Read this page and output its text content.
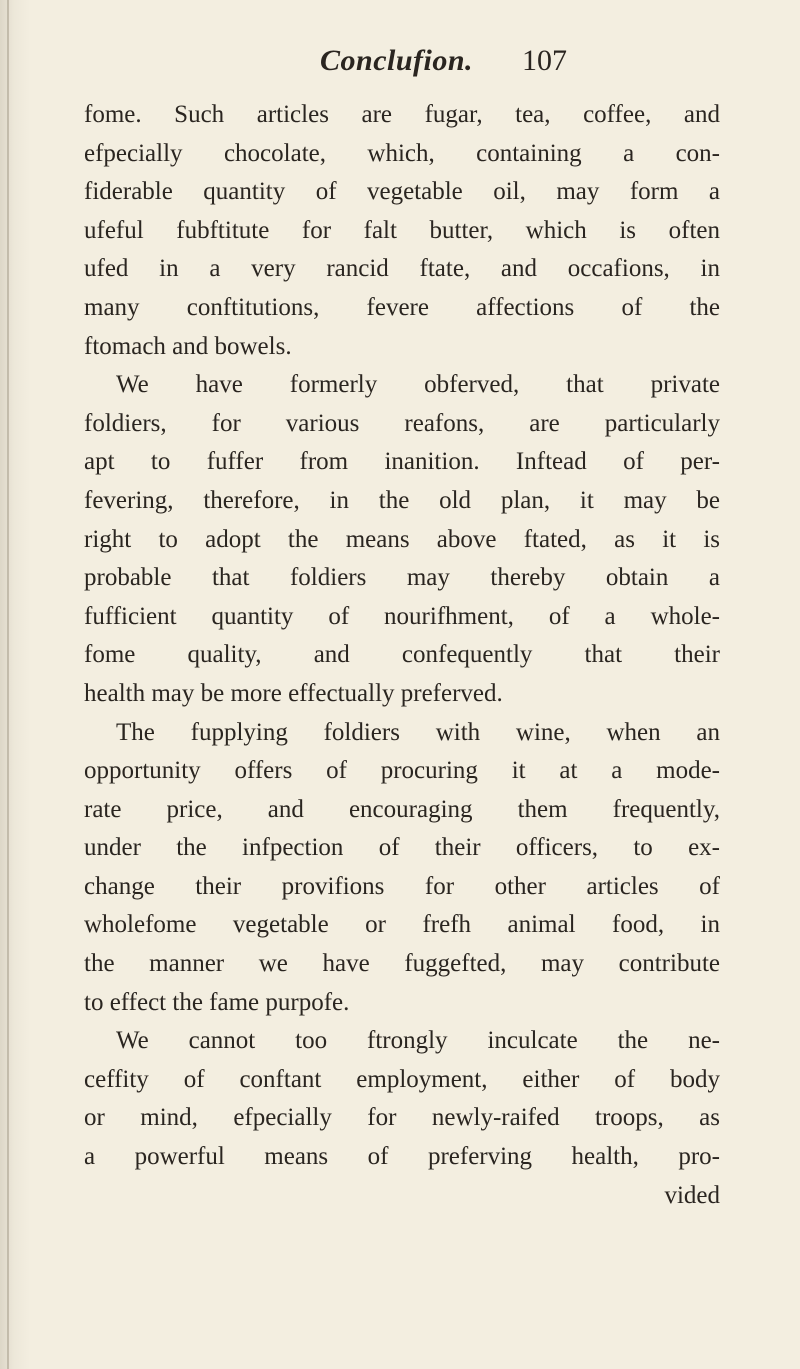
Conclufion. 107
fome. Such articles are fugar, tea, coffee, and
efpecially chocolate, which, containing a con-
fiderable quantity of vegetable oil, may form a
ufeful fubftitute for falt butter, which is often
ufed in a very rancid ftate, and occafions, in
many conftitutions, fevere affections of the
ftomach and bowels.
We have formerly obferved, that private
foldiers, for various reafons, are particularly
apt to fuffer from inanition. Inftead of per-
fevering, therefore, in the old plan, it may be
right to adopt the means above ftated, as it is
probable that foldiers may thereby obtain a
fufficient quantity of nourifhment, of a whole-
fome quality, and confequently that their
health may be more effectually preferved.
The fupplying foldiers with wine, when an
opportunity offers of procuring it at a mode-
rate price, and encouraging them frequently,
under the infpection of their officers, to ex-
change their provifions for other articles of
wholefome vegetable or frefh animal food, in
the manner we have fuggefted, may contribute
to effect the fame purpofe.
We cannot too ftrongly inculcate the ne-
ceffity of conftant employment, either of body
or mind, efpecially for newly-raifed troops, as
a powerful means of preferving health, pro-
vided
